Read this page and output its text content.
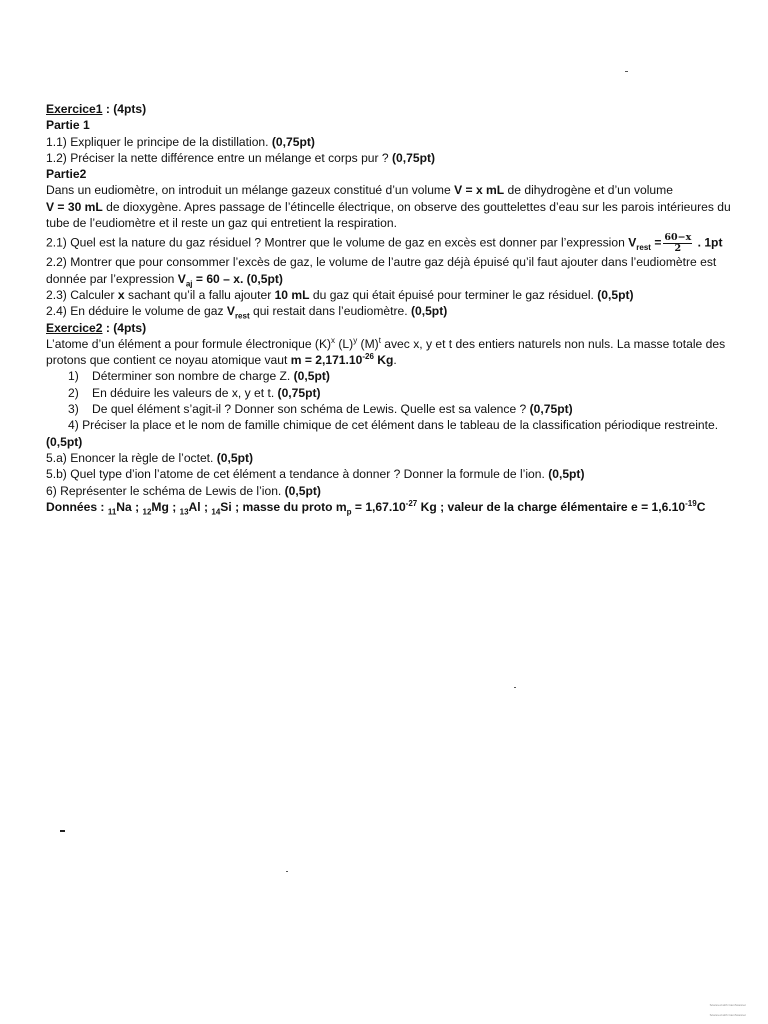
Exercice1 : (4pts)
Partie 1
1.1) Expliquer le principe de la distillation. (0,75pt)
1.2) Préciser la nette différence entre un mélange et corps pur ? (0,75pt)
Partie2
Dans un eudiomètre, on introduit un mélange gazeux constitué d’un volume V = x mL de dihydrogène et d’un volume
V = 30 mL de dioxygène. Apres passage de l’étincelle électrique, on observe des gouttelettes d’eau sur les parois intérieures du tube de l’eudiomètre et il reste un gaz qui entretient la respiration.
2.1) Quel est la nature du gaz résiduel ? Montrer que le volume de gaz en excès est donner par l’expression $V_{rest} = \frac{60-x}{2}$ . 1pt
2.2) Montrer que pour consommer l’excès de gaz, le volume de l’autre gaz déjà épuisé qu’il faut ajouter dans l’eudiomètre est donnée par l’expression $V_{aj} = 60 - x$. (0,5pt)
2.3) Calculer x sachant qu’il a fallu ajouter 10 mL du gaz qui était épuisé pour terminer le gaz résiduel. (0,5pt)
2.4) En déduire le volume de gaz $V_{rest}$ qui restait dans l’eudiomètre. (0,5pt)
Exercice2 : (4pts)
L’atome d’un élément a pour formule électronique $(K)^x$ $(L)^y$ $(M)^t$ avec x, y et t des entiers naturels non nuls. La masse totale des protons que contient ce noyau atomique vaut $m = 2,171.10^{-26}$ Kg.
1) Déterminer son nombre de charge Z. (0,5pt)
2) En déduire les valeurs de x, y et t. (0,75pt)
3) De quel élément s’agit-il ? Donner son schéma de Lewis. Quelle est sa valence ? (0,75pt)
4) Préciser la place et le nom de famille chimique de cet élément dans le tableau de la classification périodique restreinte. (0,5pt)
5.a) Enoncer la règle de l’octet. (0,5pt)
5.b) Quel type d’ion l’atome de cet élément a tendance à donner ? Donner la formule de l’ion. (0,5pt)
6) Représenter le schéma de Lewis de l’ion. (0,5pt)
Données : $_{11}$Na ; $_{12}$Mg ; $_{13}$Al ; $_{14}$Si ; masse du proto $m_p = 1,67.10^{-27}$ Kg ; valeur de la charge élémentaire $e = 1,6.10^{-19}C$
Scanned with CamScanner
Scanned with CamScanner
